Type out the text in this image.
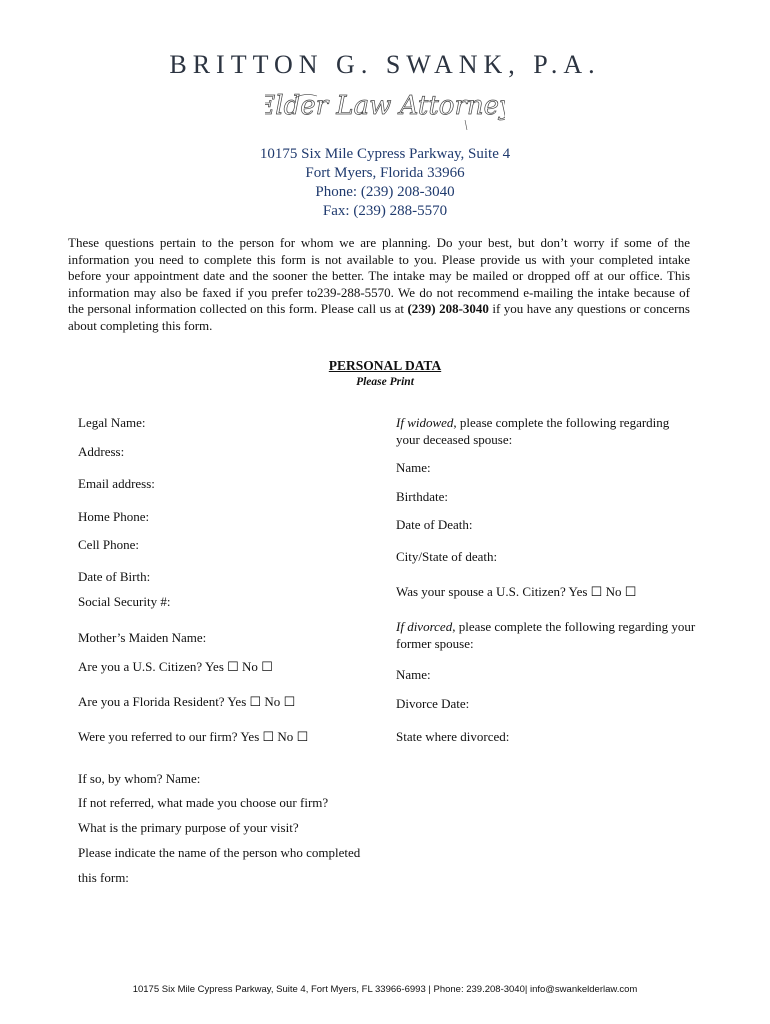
BRITTON G. SWANK, P.A.
Elder Law Attorney
10175 Six Mile Cypress Parkway, Suite 4
Fort Myers, Florida 33966
Phone: (239) 208-3040
Fax: (239) 288-5570
These questions pertain to the person for whom we are planning. Do your best, but don’t worry if some of the information you need to complete this form is not available to you. Please provide us with your completed intake before your appointment date and the sooner the better. The intake may be mailed or dropped off at our office. This information may also be faxed if you prefer to239-288-5570. We do not recommend e-mailing the intake because of the personal information collected on this form. Please call us at (239) 208-3040 if you have any questions or concerns about completing this form.
PERSONAL DATA
Please Print
Legal Name:
Address:
Email address:
Home Phone:
Cell Phone:
Date of Birth:
Social Security #:
Mother’s Maiden Name:
Are you a U.S. Citizen? Yes ☐ No ☐
Are you a Florida Resident? Yes ☐ No ☐
Were you referred to our firm? Yes ☐ No ☐
If so, by whom? Name:
If not referred, what made you choose our firm?
What is the primary purpose of your visit?
Please indicate the name of the person who completed
this form:
If widowed, please complete the following regarding your deceased spouse:
Name:
Birthdate:
Date of Death:
City/State of death:
Was your spouse a U.S. Citizen? Yes ☐ No ☐
If divorced, please complete the following regarding your former spouse:
Name:
Divorce Date:
State where divorced:
10175 Six Mile Cypress Parkway, Suite 4, Fort Myers, FL 33966-6993 | Phone: 239.208-3040| info@swankelderlaw.com
